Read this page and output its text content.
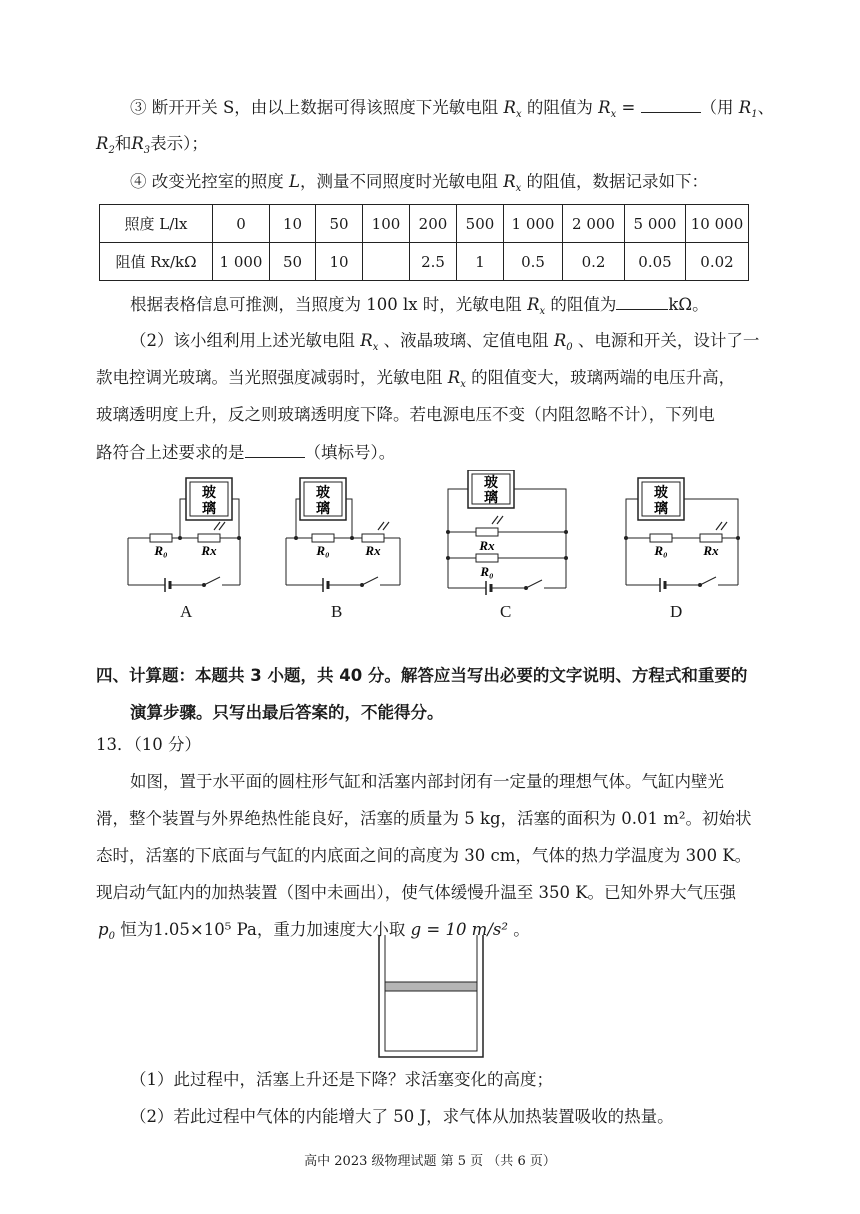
③ 断开开关 S，由以上数据可得该照度下光敏电阻 $R_x$ 的阻值为 $R_x$ =	（用 $R_1$、
$R_2$和$R_3$表示）；
④ 改变光控室的照度 L，测量不同照度时光敏电阻 $R_x$ 的阻值，数据记录如下：
照度 L/lx	0	10	50	100	200	500	1 000	2 000	5 000	10 000
阻值 Rx/kΩ	1 000	50	10		2.5	1	0.5	0.2	0.05	0.02
根据表格信息可推测，当照度为 100 lx 时，光敏电阻 $R_x$ 的阻值为	kΩ。
（2）该小组利用上述光敏电阻 $R_x$ 、液晶玻璃、定值电阻 $R_0$ 、电源和开关，设计了一
款电控调光玻璃。当光照强度减弱时，光敏电阻 $R_x$ 的阻值变大，玻璃两端的电压升高，
玻璃透明度上升，反之则玻璃透明度下降。若电源电压不变（内阻忽略不计），下列电
路符合上述要求的是	（填标号）。
玻
璃
R₀	Rx
玻
璃
R₀	Rx
玻
璃
Rx
R₀
玻
璃
R₀	Rx
A	B	C	D
四、计算题：本题共 3 小题，共 40 分。解答应当写出必要的文字说明、方程式和重要的
演算步骤。只写出最后答案的，不能得分。
13．（10 分）
如图，置于水平面的圆柱形气缸和活塞内部封闭有一定量的理想气体。气缸内壁光
滑，整个装置与外界绝热性能良好，活塞的质量为 5 kg，活塞的面积为 0.01 m²。初始状
态时，活塞的下底面与气缸的内底面之间的高度为 30 cm，气体的热力学温度为 300 K。
现启动气缸内的加热装置（图中未画出），使气体缓慢升温至 350 K。已知外界大气压强
$p_0$ 恒为1.05×10⁵ Pa，重力加速度大小取 g = 10 m/s² 。
（1）此过程中，活塞上升还是下降？求活塞变化的高度；
（2）若此过程中气体的内能增大了 50 J，求气体从加热装置吸收的热量。
高中 2023 级物理试题 第 5 页 （共 6 页）
